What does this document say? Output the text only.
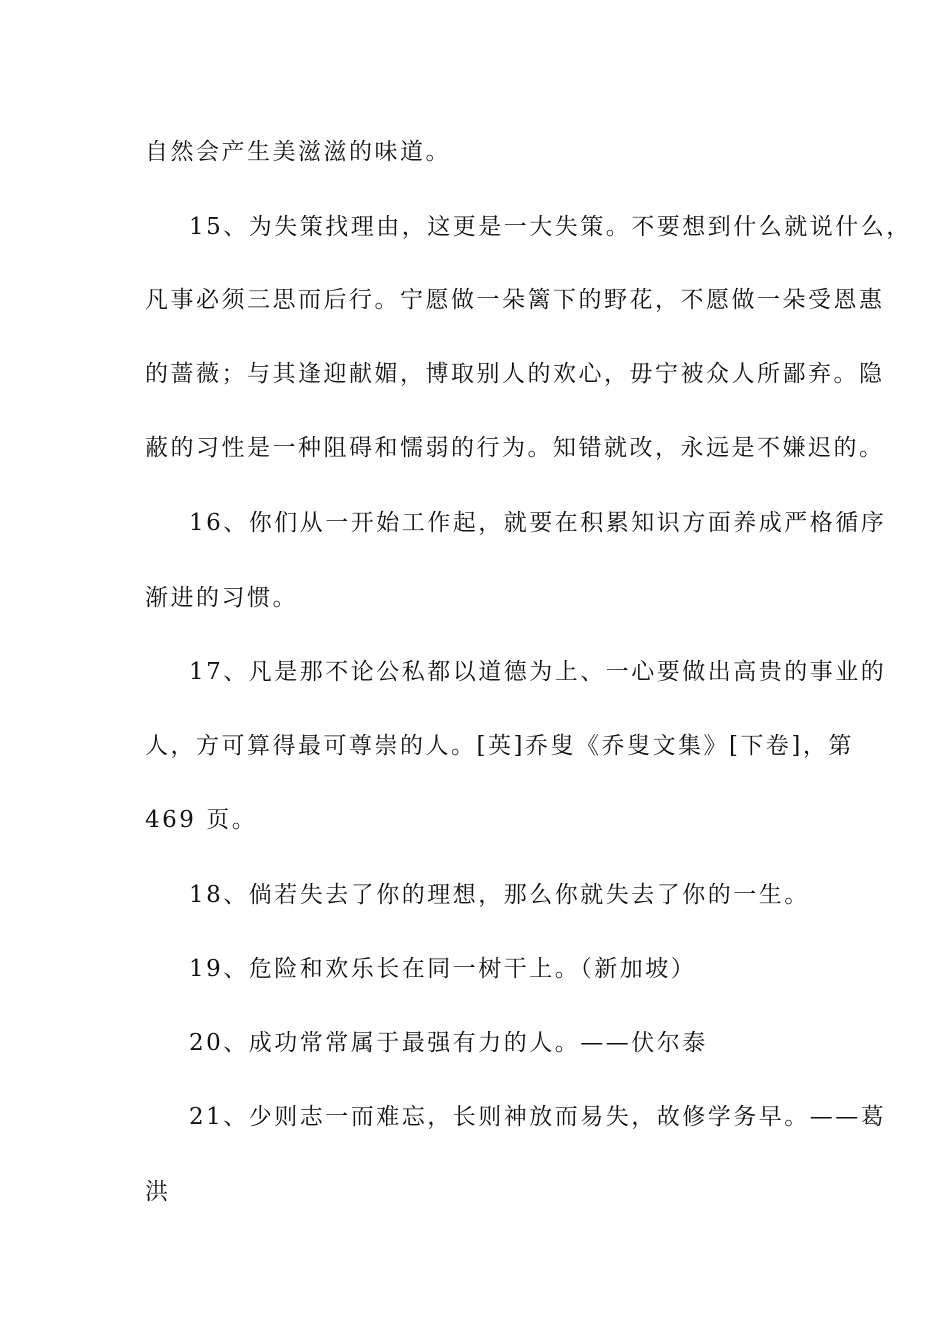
自然会产生美滋滋的味道。
15、为失策找理由，这更是一大失策。不要想到什么就说什么，
凡事必须三思而后行。宁愿做一朵篱下的野花，不愿做一朵受恩惠
的蔷薇；与其逢迎献媚，博取别人的欢心，毋宁被众人所鄙弃。隐
蔽的习性是一种阻碍和懦弱的行为。知错就改，永远是不嫌迟的。
16、你们从一开始工作起，就要在积累知识方面养成严格循序
渐进的习惯。
17、凡是那不论公私都以道德为上、一心要做出高贵的事业的
人，方可算得最可尊崇的人。[英]乔叟《乔叟文集》[下卷]，第
469 页。
18、倘若失去了你的理想，那么你就失去了你的一生。
19、危险和欢乐长在同一树干上。（新加坡）
20、成功常常属于最强有力的人。——伏尔泰
21、少则志一而难忘，长则神放而易失，故修学务早。——葛
洪
